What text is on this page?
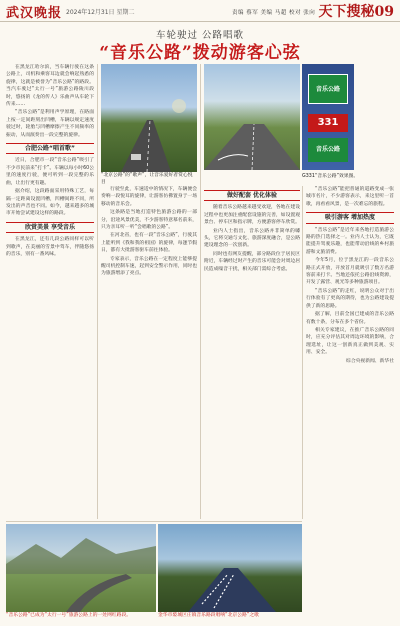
武汉晚报 2024年12月31日 星期二	责编 蔡军 美编 马超 校对 张向 天下搜秘09
车轮驶过 公路唱歌
“音乐公路”拨动游客心弦

在黑龙江哈尔滨，当车辆行驶在这条公路上，司机和乘客耳边就会响起熟悉的旋律，这就是被誉为“音乐公路”的路段。当汽车驶过“太行一号”旅游公路陵川段时，悠扬的《龙的传人》乐曲声从车轮下传来……

“音乐公路”是利用声学原理，在路面上按一定间距刻出凹槽，车辆以规定速度驶过时，轮胎与凹槽摩擦产生不同频率的振动，从而演奏出一段完整的旋律。

合肥公路“唱首歌”

近日，合肥市一段“音乐公路”吸引了不少市民前来“打卡”。车辆以每小时60公里的速度行驶，便可听到一段完整的乐曲，让出行更有趣。

据介绍，这段路面采用特殊工艺，每隔一定距离设置凹槽，凹槽间距不同，所发出的声音也不同。如今，越来越多的城市开始尝试建设这样的路段。

欣赏美景 享受音乐

在黑龙江，还有几段公路同样可以听到歌声，在美丽的雪景中驾车，伴随悠扬的音乐，别有一番风味。

“北京公路”的“歌声”，让音乐爱好者赏心悦目

行驶至此，车速适中的情况下，车辆便会奏响一段悦耳的旋律，让游客仿佛置身于一场移动的音乐会。

这条路是当地打造特色旅游公路的一部分，沿途风景优美，不少游客特意慕名前来，只为亲耳听一听“会唱歌的公路”。

在河北省，也有一段“音乐公路”，行驶其上能听到《我和我的祖国》的旋律，每逢节假日，都有大批游客驱车前往体验。

专家表示，音乐公路在一定程度上能够提醒司机控制车速，起到安全警示作用，同时也为旅游增添了亮点。

音乐公路
331
音乐公路
G331“音乐公路”效果图。
做好配套 优化体验

随着音乐公路越来越受欢迎，各地在建设过程中也更加注重配套设施的完善，如设置观景台、停车区和指示牌，方便游客停车欣赏。

业内人士指出，音乐公路并非简单的噱头，它将交通与文化、旅游深度融合，是公路建设理念的一次创新。

同时也有网友提醒，部分路段位于居民区附近，车辆经过时产生的音乐可能会对周边居民造成噪音干扰，相关部门需综合考虑。

“音乐公路”能把普通的道路变成一张城市名片，不少游客表示，来这里听一首歌，再看看风景，是一次难忘的旅程。

吸引游客 增加热度

“音乐公路”是近年来各地打造旅游公路的热门选择之一。业内人士认为，它既能提升驾驶乐趣，也能带动沿线的乡村旅游和文旅消费。

今年5月，位于黑龙江的一段音乐公路正式开放，开放首月就吸引了数万名游客前来打卡。当地还依托公路沿线资源，开发了露营、观光等多种旅游项目。

“音乐公路”的走红，说明公众对于出行体验有了更高的期待，也为公路建设提供了新的思路。

据了解，目前全国已建成的音乐公路有数十条，分布在多个省份。

相关专家建议，在推广音乐公路的同时，应充分评估其对周边环境的影响，合理选址，让这一创新真正做到美观、实用、安全。

综合央视新闻、新华社

“音乐公路”已成为“太行一号”旅游公路上的一处网红路段。	金华市婺城区庄镇音乐路段唱响“北京公路”之歌
